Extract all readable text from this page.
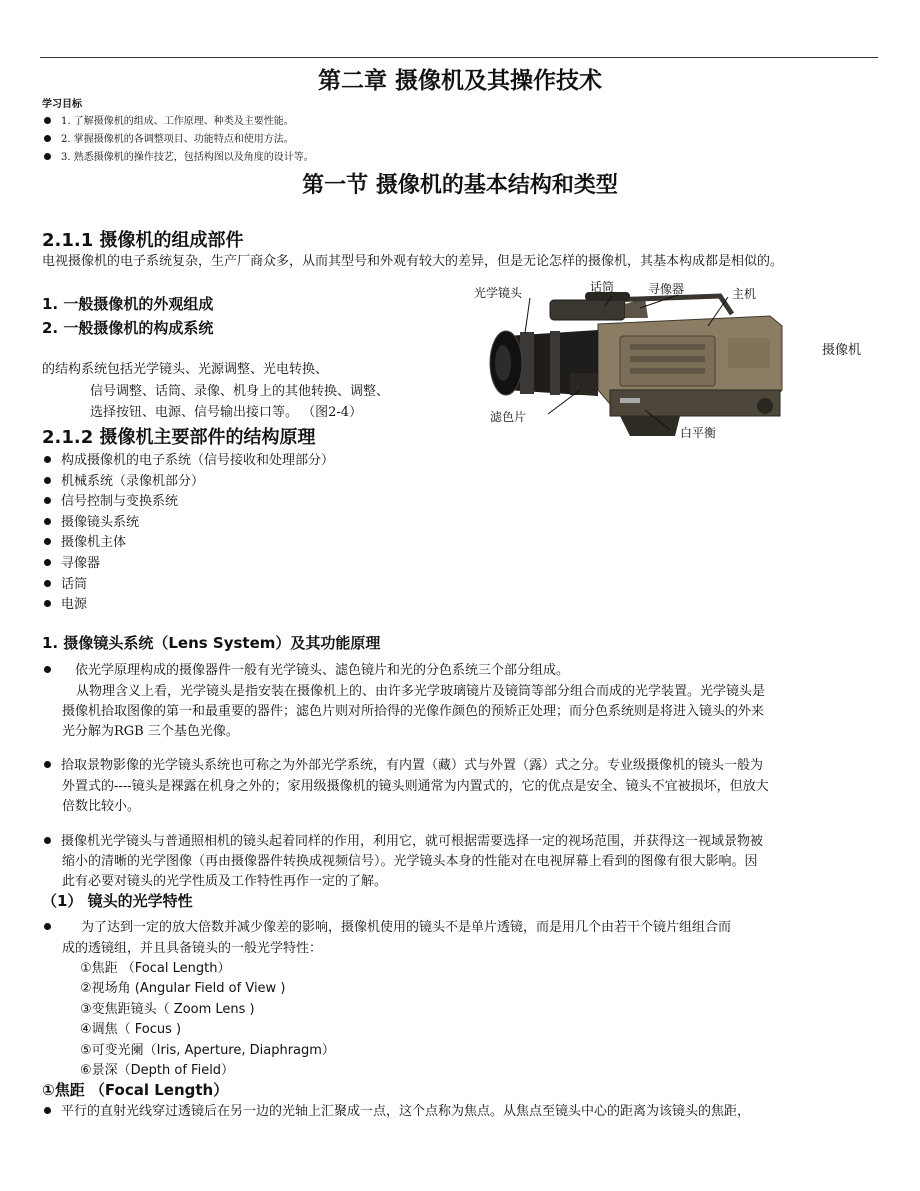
第二章 摄像机及其操作技术
学习目标
1. 了解摄像机的组成、工作原理、种类及主要性能。
2. 掌握摄像机的各调整项目、功能特点和使用方法。
3. 熟悉摄像机的操作技艺，包括构图以及角度的设计等。
第一节 摄像机的基本结构和类型
2.1.1 摄像机的组成部件
电视摄像机的电子系统复杂，生产厂商众多，从而其型号和外观有较大的差异，但是无论怎样的摄像机，其基本构成都是相似的。
1. 一般摄像机的外观组成
2. 一般摄像机的构成系统
的结构系统包括光学镜头、光源调整、光电转换、
信号调整、话筒、录像、机身上的其他转换、调整、
选择按钮、电源、信号输出接口等。 （图2-4）
光学镜头	话筒	寻像器	主机
滤色片
白平衡
摄像机
2.1.2 摄像机主要部件的结构原理
构成摄像机的电子系统（信号接收和处理部分）
机械系统（录像机部分）
信号控制与变换系统
摄像镜头系统
摄像机主体
寻像器
话筒
电源
1. 摄像镜头系统（Lens System）及其功能原理
依光学原理构成的摄像器件一般有光学镜头、滤色镜片和光的分色系统三个部分组成。
从物理含义上看，光学镜头是指安装在摄像机上的、由许多光学玻璃镜片及镜筒等部分组合而成的光学装置。光学镜头是
摄像机拾取图像的第一和最重要的器件；滤色片则对所拾得的光像作颜色的预矫正处理；而分色系统则是将进入镜头的外来
光分解为RGB 三个基色光像。
拾取景物影像的光学镜头系统也可称之为外部光学系统，有内置（藏）式与外置（露）式之分。专业级摄像机的镜头一般为
外置式的----镜头是裸露在机身之外的；家用级摄像机的镜头则通常为内置式的，它的优点是安全、镜头不宜被损坏，但放大
倍数比较小。
摄像机光学镜头与普通照相机的镜头起着同样的作用，利用它，就可根据需要选择一定的视场范围，并获得这一视域景物被
缩小的清晰的光学图像（再由摄像器件转换成视频信号）。光学镜头本身的性能对在电视屏幕上看到的图像有很大影响。因
此有必要对镜头的光学性质及工作特性再作一定的了解。
（1） 镜头的光学特性
为了达到一定的放大倍数并减少像差的影响，摄像机使用的镜头不是单片透镜，而是用几个由若干个镜片组组合而
成的透镜组，并且具备镜头的一般光学特性：
①焦距 （Focal Length）
②视场角 (Angular Field of View )
③变焦距镜头（ Zoom Lens )
④调焦（ Focus )
⑤可变光阑（Iris, Aperture, Diaphragm）
⑥景深（Depth of Field）
①焦距 （Focal Length）
平行的直射光线穿过透镜后在另一边的光轴上汇聚成一点，这个点称为焦点。从焦点至镜头中心的距离为该镜头的焦距，
